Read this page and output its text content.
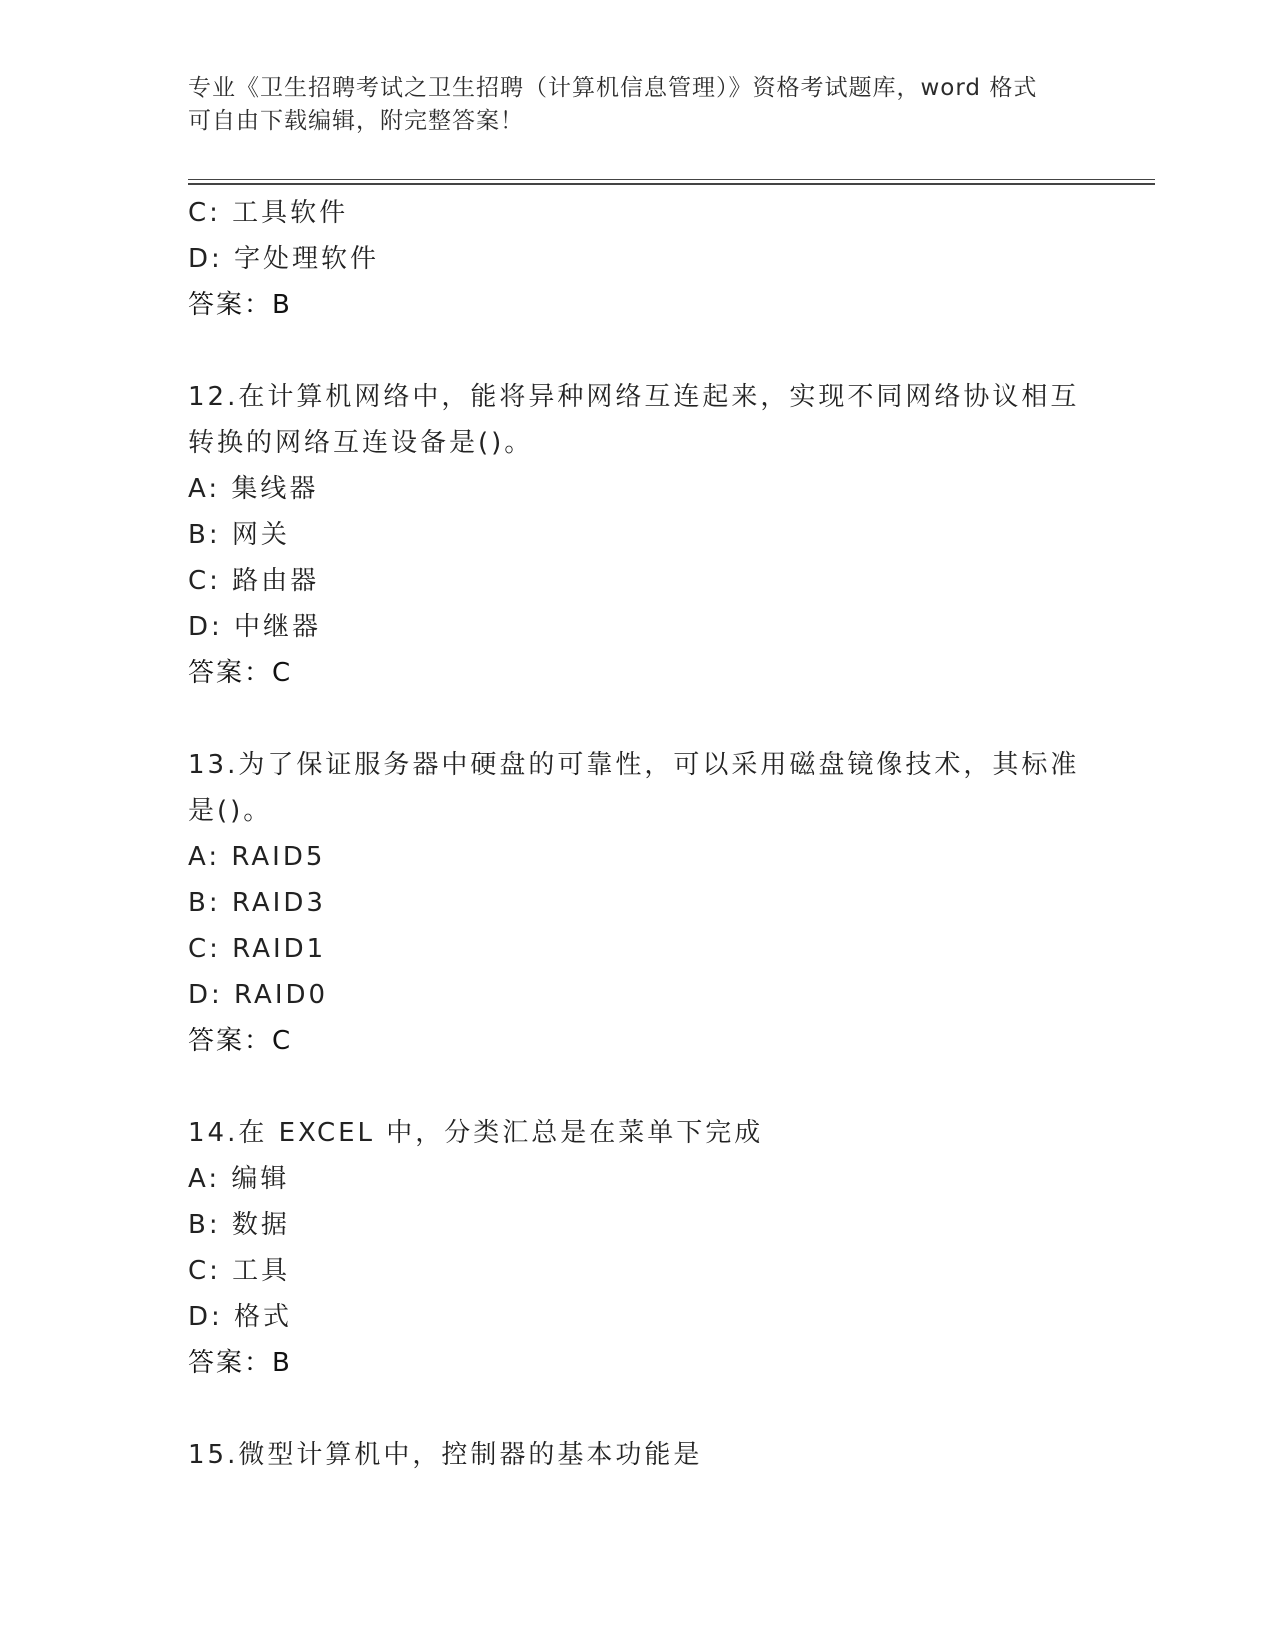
专业《卫生招聘考试之卫生招聘（计算机信息管理）》资格考试题库，word 格式
可自由下载编辑，附完整答案！
C: 工具软件
D: 字处理软件
答案：B
12.在计算机网络中，能将异种网络互连起来，实现不同网络协议相互
转换的网络互连设备是()。
A: 集线器
B: 网关
C: 路由器
D: 中继器
答案：C
13.为了保证服务器中硬盘的可靠性，可以采用磁盘镜像技术，其标准
是()。
A: RAID5
B: RAID3
C: RAID1
D: RAID0
答案：C
14.在 EXCEL 中，分类汇总是在菜单下完成
A: 编辑
B: 数据
C: 工具
D: 格式
答案：B
15.微型计算机中，控制器的基本功能是
